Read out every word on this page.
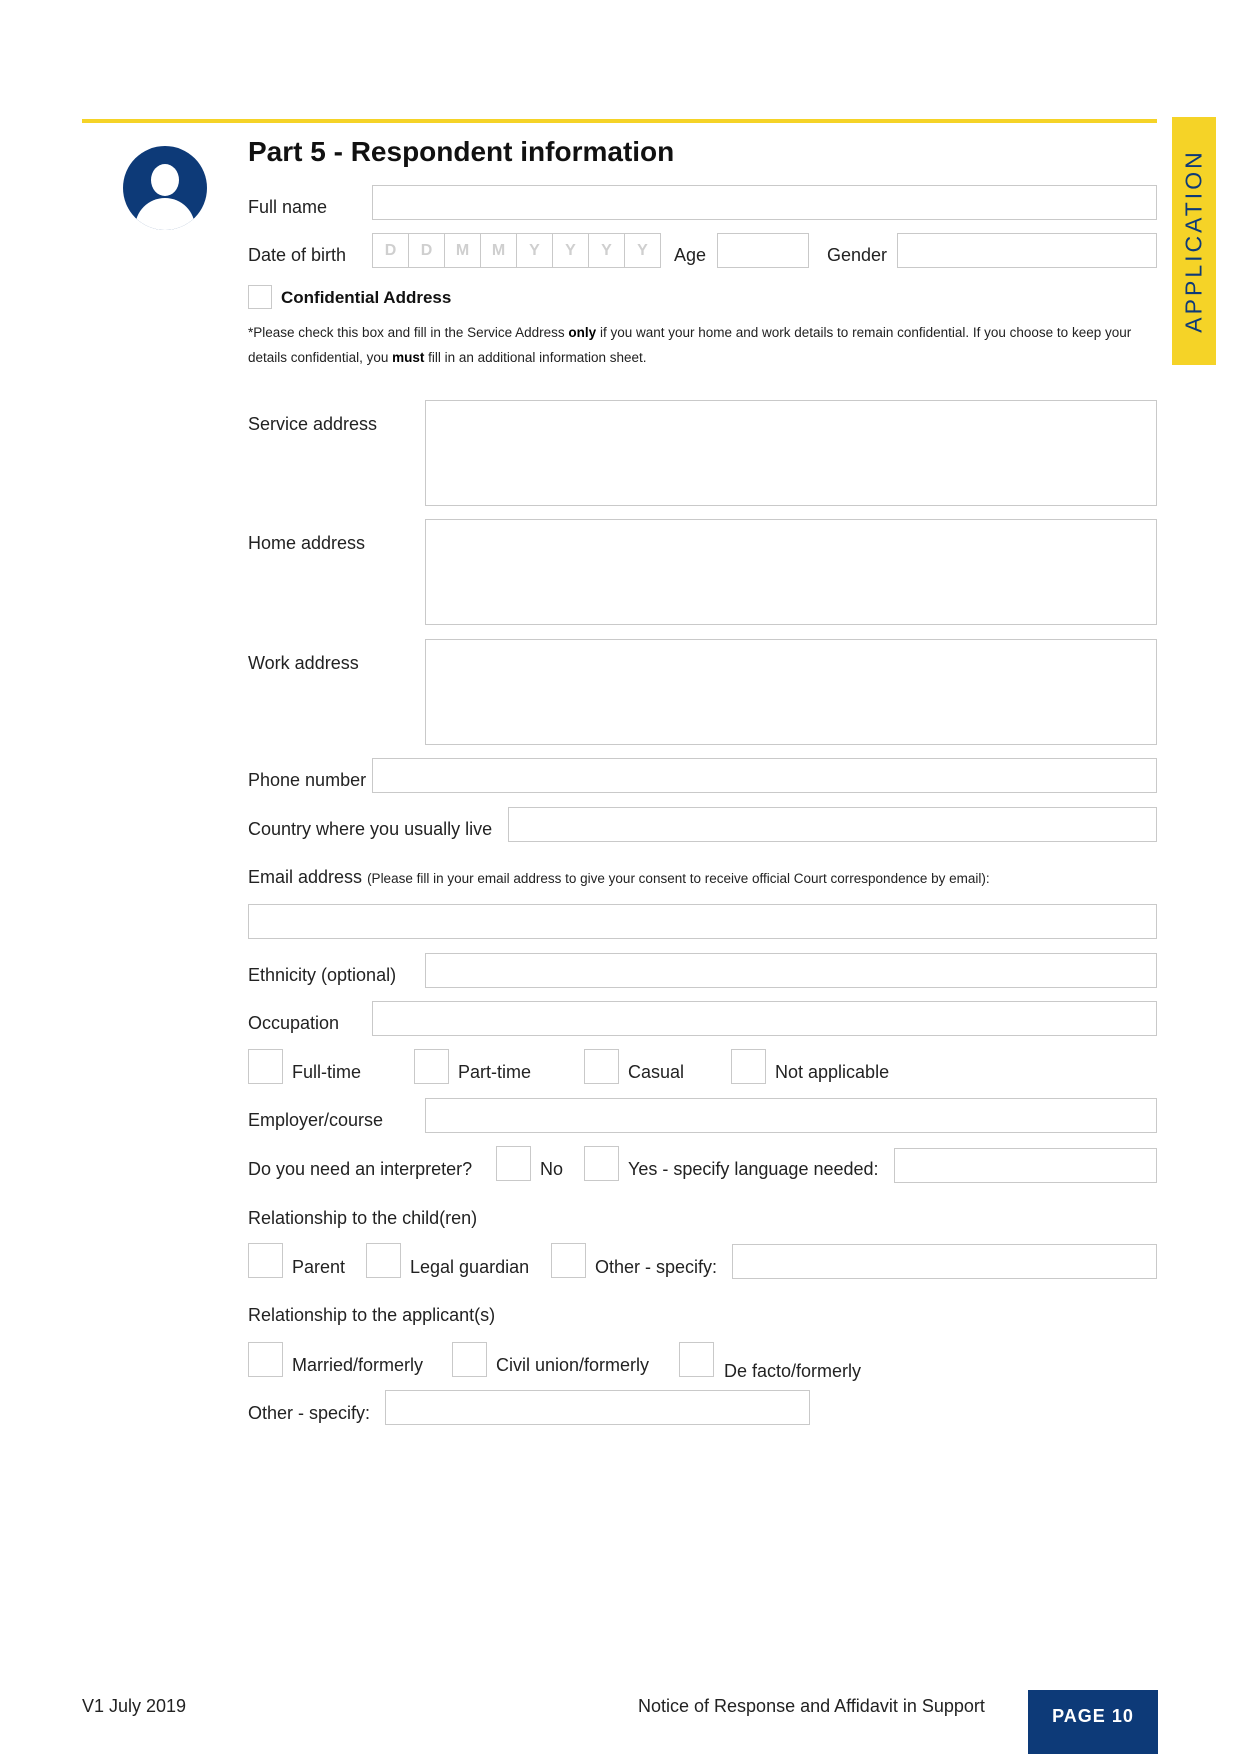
APPLICATION
Part 5 - Respondent information
Full name
Date of birth	D	D	M	M	Y	Y	Y	Y	Age	Gender
Confidential Address
*Please check this box and fill in the Service Address only if you want your home and work details to remain confidential. If you choose to keep your details confidential, you must fill in an additional information sheet.
Service address
Home address
Work address
Phone number
Country where you usually live
Email address (Please fill in your email address to give your consent to receive official Court correspondence by email):
Ethnicity (optional)
Occupation
Full-time	Part-time	Casual	Not applicable
Employer/course
Do you need an interpreter?	No	Yes - specify language needed:
Relationship to the child(ren)
Parent	Legal guardian	Other - specify:
Relationship to the applicant(s)
Married/formerly	Civil union/formerly	De facto/formerly
Other - specify:
V1 July 2019	Notice of Response and Affidavit in Support	PAGE 10
